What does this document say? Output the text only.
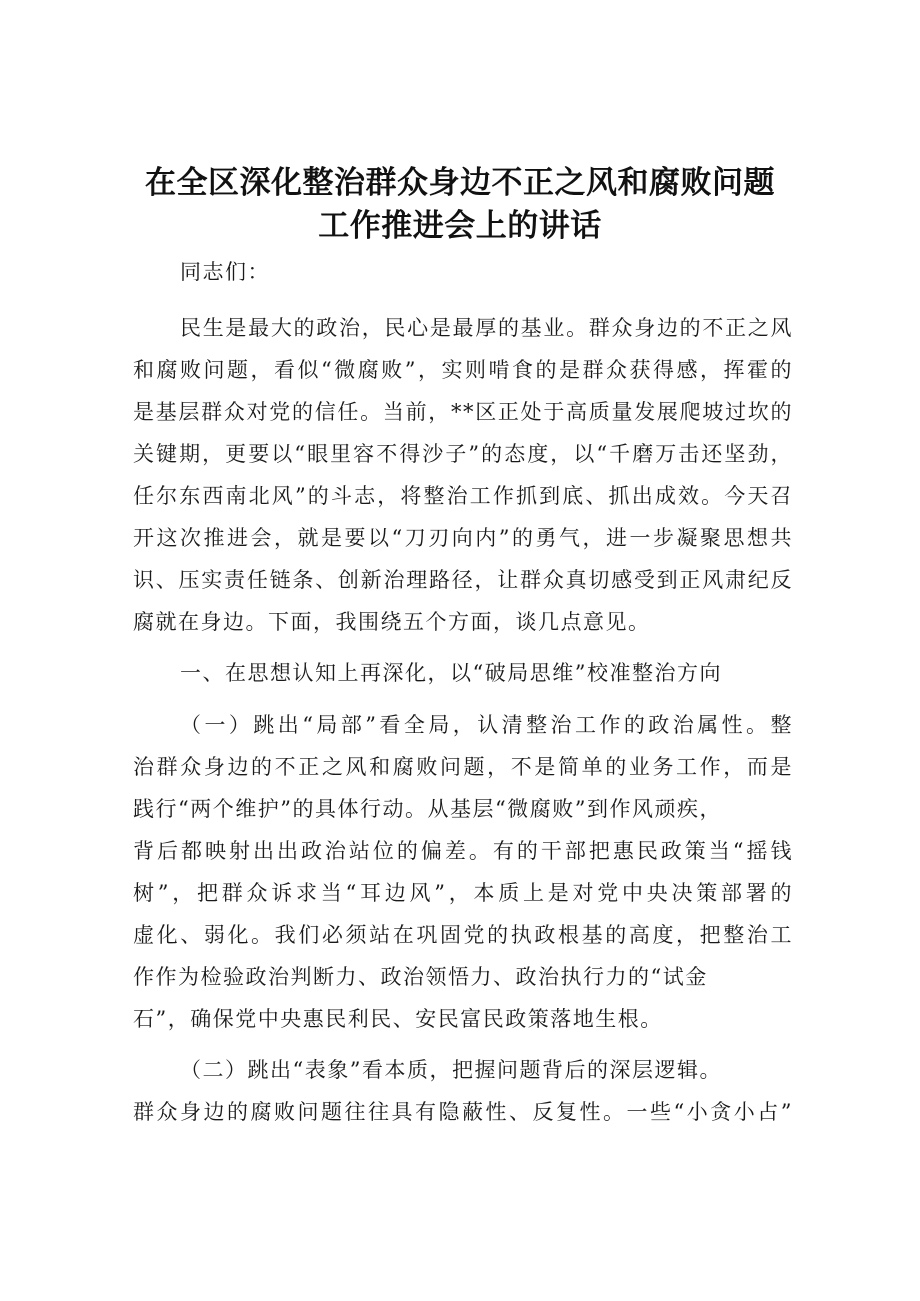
在全区深化整治群众身边不正之风和腐败问题
工作推进会上的讲话

同志们：

民生是最大的政治，民心是最厚的基业。群众身边的不正之风

和腐败问题，看似“微腐败”，实则啃食的是群众获得感，挥霍的

是基层群众对党的信任。当前，**区正处于高质量发展爬坡过坎的

关键期，更要以“眼里容不得沙子”的态度，以“千磨万击还坚劲，

任尔东西南北风”的斗志，将整治工作抓到底、抓出成效。今天召

开这次推进会，就是要以“刀刃向内”的勇气，进一步凝聚思想共

识、压实责任链条、创新治理路径，让群众真切感受到正风肃纪反

腐就在身边。下面，我围绕五个方面，谈几点意见。

一、在思想认知上再深化，以“破局思维”校准整治方向

（一）跳出“局部”看全局，认清整治工作的政治属性。整

治群众身边的不正之风和腐败问题，不是简单的业务工作，而是

践行“两个维护”的具体行动。从基层“微腐败”到作风顽疾，

背后都映射出出政治站位的偏差。有的干部把惠民政策当“摇钱

树”，把群众诉求当“耳边风”，本质上是对党中央决策部署的

虚化、弱化。我们必须站在巩固党的执政根基的高度，把整治工

作作为检验政治判断力、政治领悟力、政治执行力的“试金

石”，确保党中央惠民利民、安民富民政策落地生根。

（二）跳出“表象”看本质，把握问题背后的深层逻辑。

群众身边的腐败问题往往具有隐蔽性、反复性。一些“小贪小占”
